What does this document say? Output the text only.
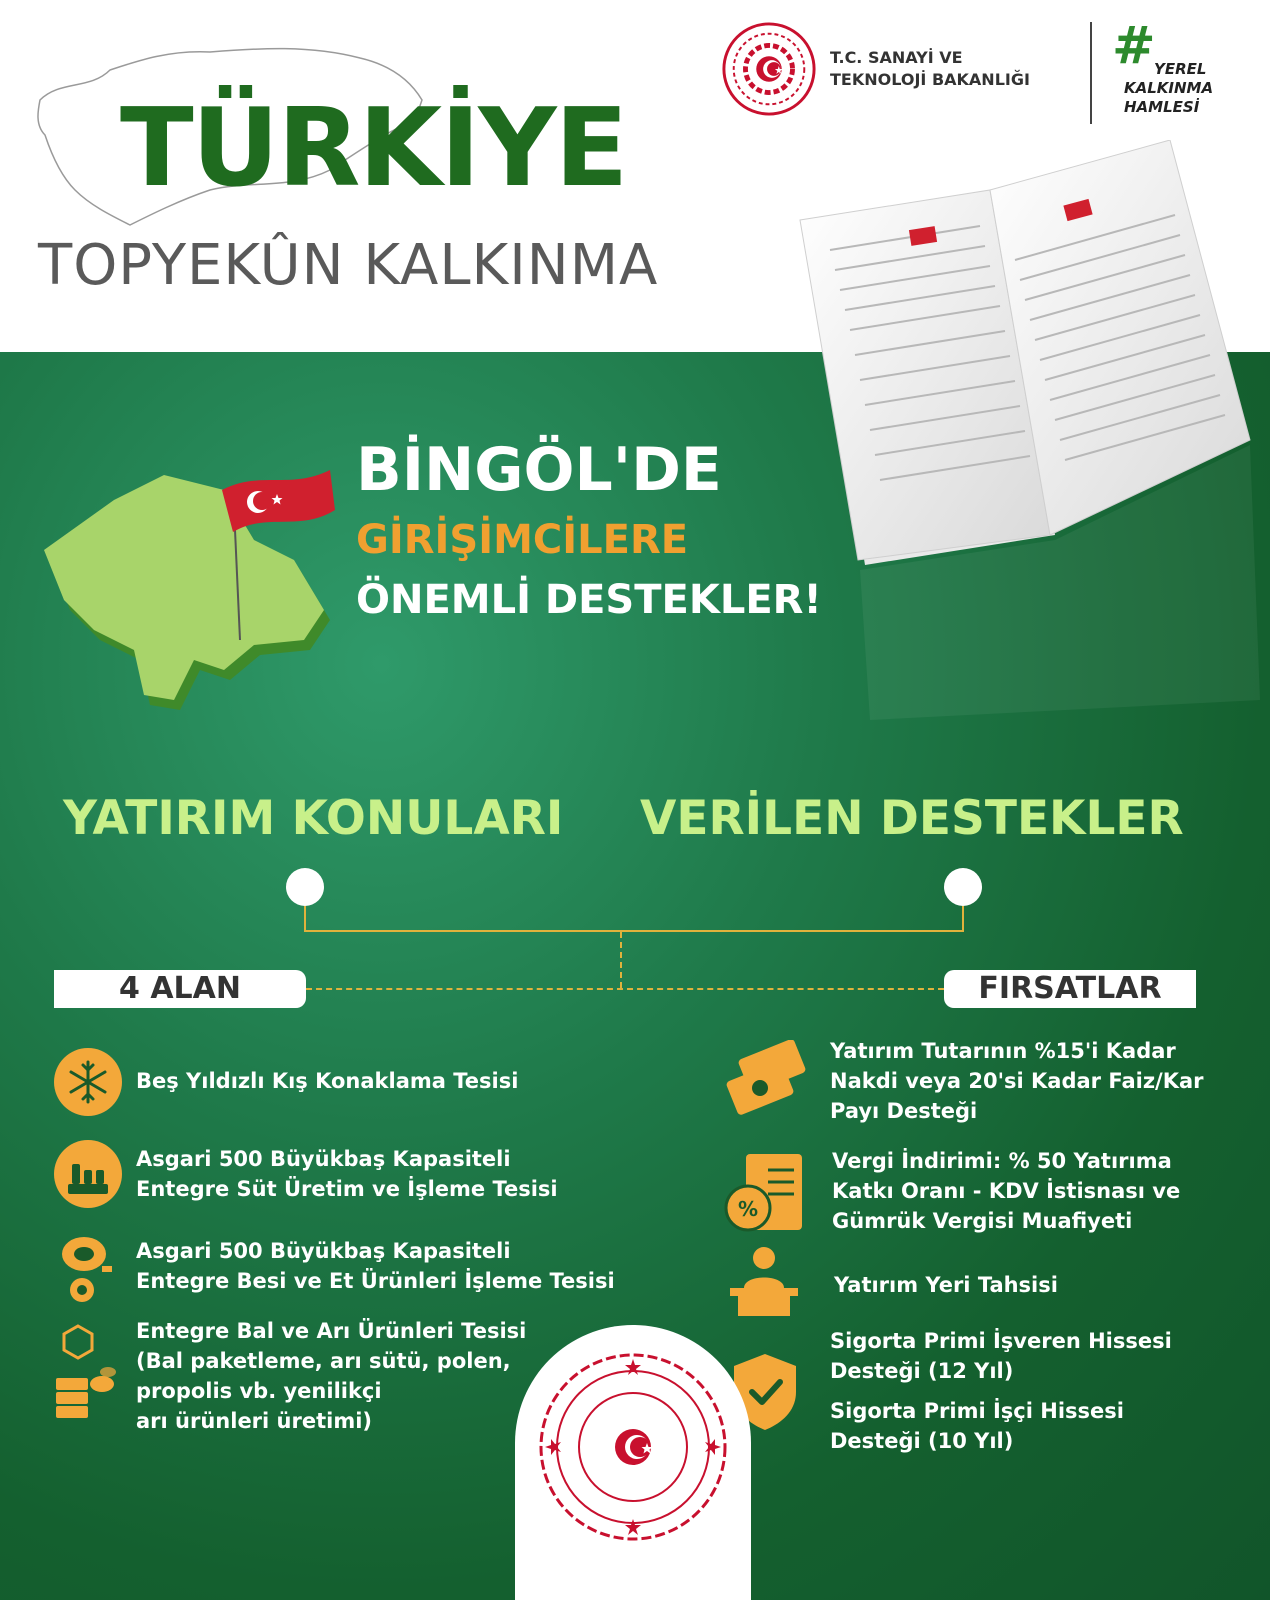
TÜRKİYE
TOPYEKÛN KALKINMA
T.C. SANAYİ VE
TEKNOLOJİ BAKANLIĞI
#
YEREL
KALKINMA
HAMLESİ
BİNGÖL'DE
GİRİŞİMCİLERE
ÖNEMLİ DESTEKLER!
YATIRIM KONULARI VERİLEN DESTEKLER
4 ALAN	FIRSATLAR
Beş Yıldızlı Kış Konaklama Tesisi
Asgari 500 Büyükbaş Kapasiteli
Entegre Süt Üretim ve İşleme Tesisi
Asgari 500 Büyükbaş Kapasiteli
Entegre Besi ve Et Ürünleri İşleme Tesisi
Entegre Bal ve Arı Ürünleri Tesisi
(Bal paketleme, arı sütü, polen,
propolis vb. yenilikçi
arı ürünleri üretimi)
Yatırım Tutarının %15'i Kadar
Nakdi veya 20'si Kadar Faiz/Kar
Payı Desteği
%
Vergi İndirimi: % 50 Yatırıma
Katkı Oranı - KDV İstisnası ve
Gümrük Vergisi Muafiyeti
Yatırım Yeri Tahsisi
Sigorta Primi İşveren Hissesi
Desteği (12 Yıl)
Sigorta Primi İşçi Hissesi
Desteği (10 Yıl)
